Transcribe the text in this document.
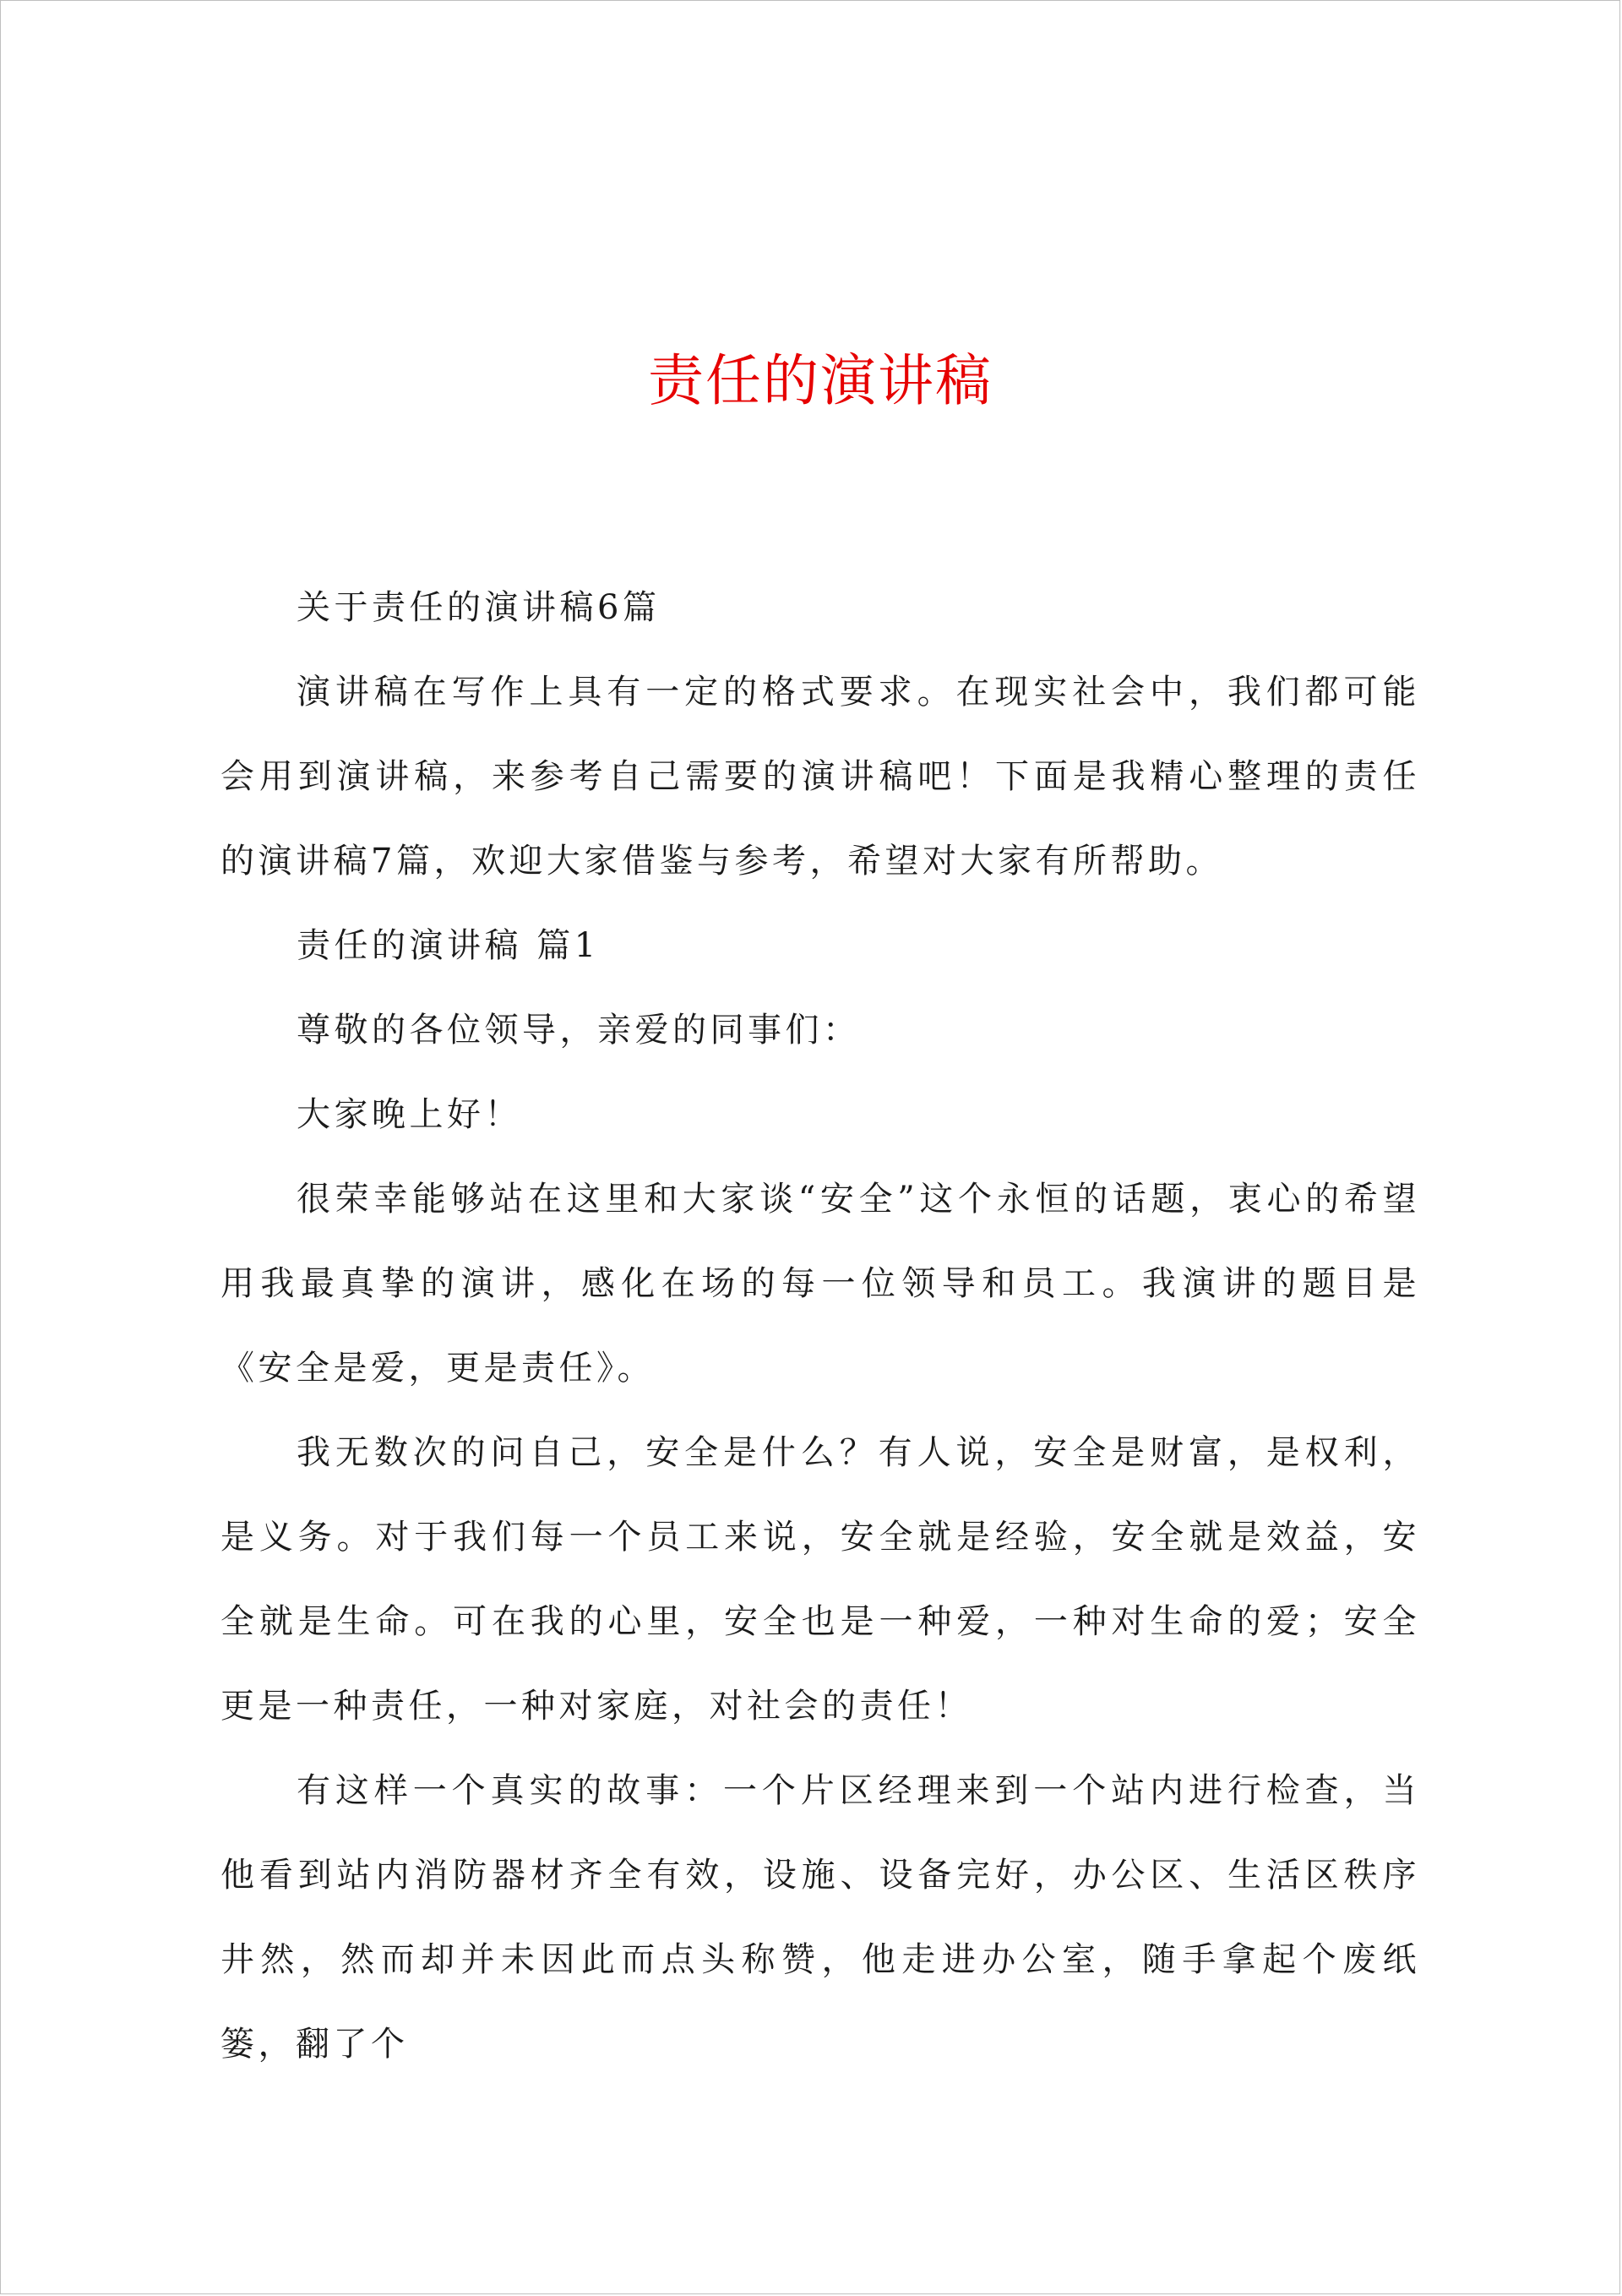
责任的演讲稿

关于责任的演讲稿6篇

演讲稿在写作上具有一定的格式要求。在现实社会中，我们都可能会用到演讲稿，来参考自己需要的演讲稿吧！下面是我精心整理的责任的演讲稿7篇，欢迎大家借鉴与参考，希望对大家有所帮助。

责任的演讲稿 篇1

尊敬的各位领导，亲爱的同事们：

大家晚上好！

很荣幸能够站在这里和大家谈“安全”这个永恒的话题，衷心的希望用我最真挚的演讲，感化在场的每一位领导和员工。我演讲的题目是《安全是爱，更是责任》。

我无数次的问自己，安全是什么？有人说，安全是财富，是权利，是义务。对于我们每一个员工来说，安全就是经验，安全就是效益，安全就是生命。可在我的心里，安全也是一种爱，一种对生命的爱；安全更是一种责任，一种对家庭，对社会的责任！

有这样一个真实的故事：一个片区经理来到一个站内进行检查，当他看到站内消防器材齐全有效，设施、设备完好，办公区、生活区秩序井然，然而却并未因此而点头称赞，他走进办公室，随手拿起个废纸篓，翻了个
